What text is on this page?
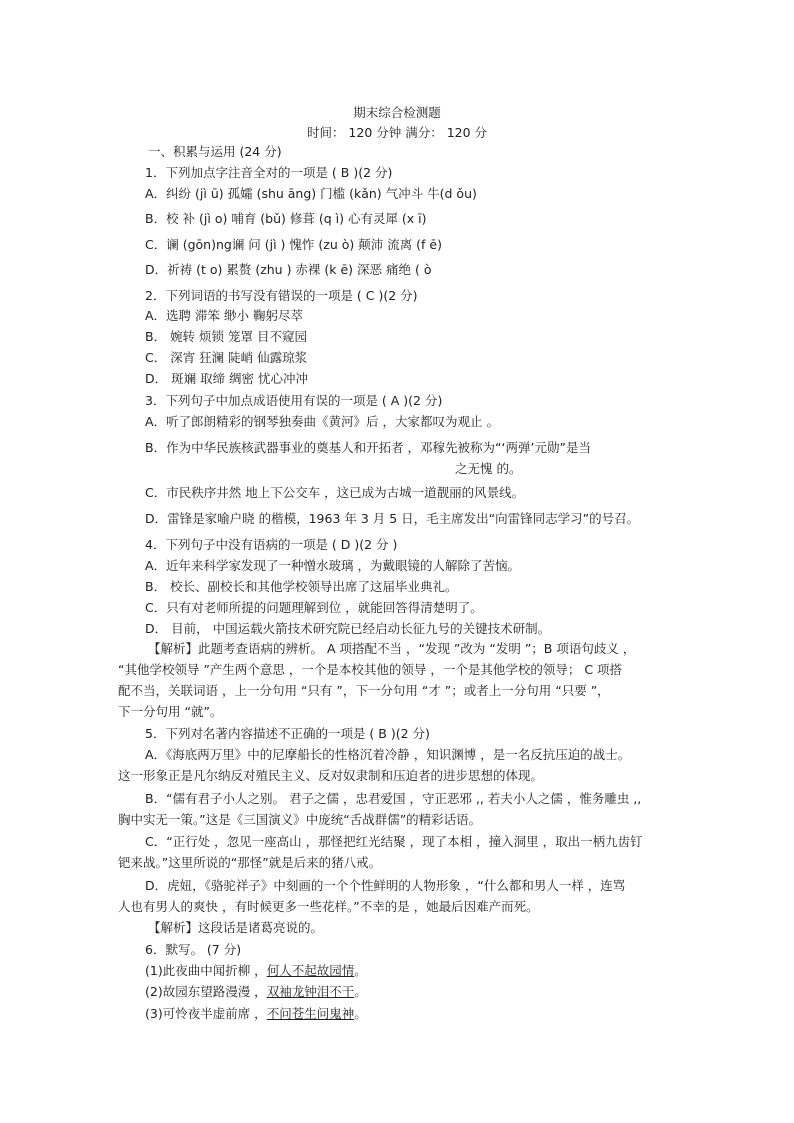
期末综合检测题
时间： 120 分钟 满分： 120 分
一、积累与运用 (24 分)
1．下列加点字注音全对的一项是 ( B )(2 分)
A．纠纷 (jì ū) 孤孀 (shu āng) 门槛 (kǎn) 气冲斗 牛(d ǒu)
B．校 补 (jì o) 哺育 (bǔ) 修葺 (q ì) 心有灵犀 (x ī)
C．谰 (gōn)ng谰 问 (jì ) 愧怍 (zu ò) 颠沛 流离 (f ē)
D．祈祷 (t o) 累赘 (zhu ) 赤裸 (k ē) 深恶 痛绝 ( ò
2．下列词语的书写没有错误的一项是 ( C )(2 分)
A．选聘 滞笨 缈小 鞠躬尽萃
B． 婉转 烦锁 笼罩 目不窥园
C． 深宵 狂澜 陡峭 仙露琼浆
D． 斑斓 取缔 绸密 忧心冲冲
3．下列句子中加点成语使用有误的一项是 ( A )(2 分)
A．听了郎朗精彩的钢琴独奏曲《黄河》后 ，大家都叹为观止 。
B．作为中华民族核武器事业的奠基人和开拓者 ，邓稼先被称为“‘两弹’元勋”是当
之无愧 的。
C．市民秩序井然 地上下公交车 ，这已成为古城一道靓丽的风景线。
D．雷锋是家喻户晓 的楷模，1963 年 3 月 5 日，毛主席发出“向雷锋同志学习”的号召。
4．下列句子中没有语病的一项是 ( D )(2 分 )
A．近年来科学家发现了一种憎水玻璃 ，为戴眼镜的人解除了苦恼。
B． 校长、副校长和其他学校领导出席了这届毕业典礼。
C．只有对老师所提的问题理解到位 ，就能回答得清楚明了。
D． 目前， 中国运载火箭技术研究院已经启动长征九号的关键技术研制。
【解析】此题考查语病的辨析。 A 项搭配不当 ，“发现 ”改为 “发明 ”；B 项语句歧义 ，
“其他学校领导 ”产生两个意思 ，一个是本校其他的领导 ，一个是其他学校的领导； C 项搭
配不当，关联词语 ，上一分句用 “只有 ”，下一分句用 “才 ”；或者上一分句用 “只要 ”，
下一分句用 “就”。
5．下列对名著内容描述不正确的一项是 ( B )(2 分)
A．《海底两万里》中的尼摩船长的性格沉着冷静 ，知识渊博 ，是一名反抗压迫的战士。
这一形象正是凡尔纳反对殖民主义、反对奴隶制和压迫者的进步思想的体现。
B．“儒有君子小人之别。 君子之儒 ，忠君爱国 ，守正恶邪 ,, 若夫小人之儒 ，惟务雕虫 ,,
胸中实无一策。”这是《三国演义》中庞统“舌战群儒”的精彩话语。
C．“正行处 ，忽见一座高山 ，那怪把红光结聚 ，现了本相 ，撞入洞里 ，取出一柄九齿钉
钯来战。”这里所说的“那怪”就是后来的猪八戒。
D．虎妞，《骆驼祥子》中刻画的一个个性鲜明的人物形象 ，“什么都和男人一样 ，连骂
人也有男人的爽快 ，有时候更多一些花样。”不幸的是 ，她最后因难产而死。
【解析】这段话是诸葛亮说的。
6．默写。 (7 分)
(1)此夜曲中闻折柳 ，何人不起故园情。
(2)故园东望路漫漫 ，双袖龙钟泪不干。
(3)可怜夜半虚前席 ，不问苍生问鬼神。
